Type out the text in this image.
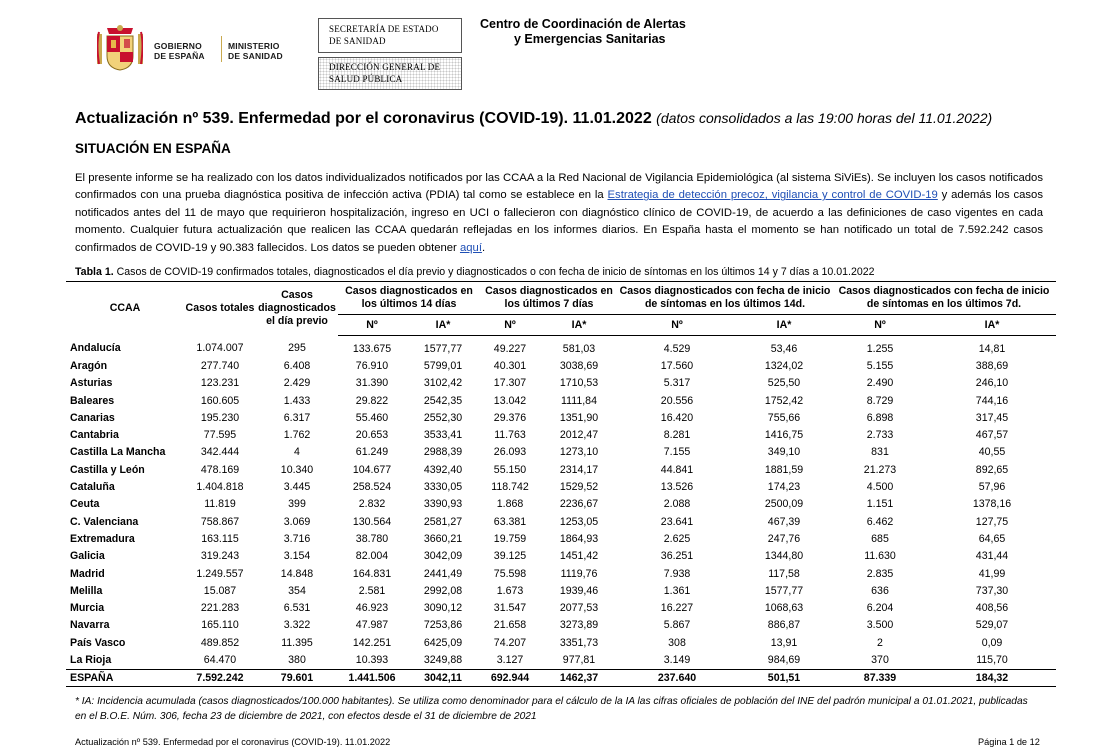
GOBIERNO
DE ESPAÑA
MINISTERIO
DE SANIDAD
SECRETARÍA DE ESTADO
DE SANIDAD
DIRECCIÓN GENERAL DE
SALUD PÚBLICA
Centro de Coordinación de Alertas
y Emergencias Sanitarias
Actualización nº 539. Enfermedad por el coronavirus (COVID-19). 11.01.2022 (datos consolidados a las 19:00 horas del 11.01.2022)
SITUACIÓN EN ESPAÑA
El presente informe se ha realizado con los datos individualizados notificados por las CCAA a la Red Nacional de Vigilancia Epidemiológica (al sistema SiViEs). Se incluyen los casos notificados confirmados con una prueba diagnóstica positiva de infección activa (PDIA) tal como se establece en la Estrategia de detección precoz, vigilancia y control de COVID-19 y además los casos notificados antes del 11 de mayo que requirieron hospitalización, ingreso en UCI o fallecieron con diagnóstico clínico de COVID-19, de acuerdo a las definiciones de caso vigentes en cada momento. Cualquier futura actualización que realicen las CCAA quedarán reflejadas en los informes diarios. En España hasta el momento se han notificado un total de 7.592.242 casos confirmados de COVID-19 y 90.383 fallecidos. Los datos se pueden obtener aquí.
Tabla 1. Casos de COVID-19 confirmados totales, diagnosticados el día previo y diagnosticados o con fecha de inicio de síntomas en los últimos 14 y 7 días a 10.01.2022
CCAA	Casos totales	Casos diagnosticados el día previo	Casos diagnosticados en los últimos 14 días		Casos diagnosticados en los últimos 7 días		Casos diagnosticados con fecha de inicio de síntomas en los últimos 14d.		Casos diagnosticados con fecha de inicio de síntomas en los últimos 7d.	
			Nº	IA*	Nº	IA*	Nº	IA*	Nº	IA*
Andalucía	1.074.007	295	133.675	1577,77	49.227	581,03	4.529	53,46	1.255	14,81
Aragón	277.740	6.408	76.910	5799,01	40.301	3038,69	17.560	1324,02	5.155	388,69
Asturias	123.231	2.429	31.390	3102,42	17.307	1710,53	5.317	525,50	2.490	246,10
Baleares	160.605	1.433	29.822	2542,35	13.042	1111,84	20.556	1752,42	8.729	744,16
Canarias	195.230	6.317	55.460	2552,30	29.376	1351,90	16.420	755,66	6.898	317,45
Cantabria	77.595	1.762	20.653	3533,41	11.763	2012,47	8.281	1416,75	2.733	467,57
Castilla La Mancha	342.444	4	61.249	2988,39	26.093	1273,10	7.155	349,10	831	40,55
Castilla y León	478.169	10.340	104.677	4392,40	55.150	2314,17	44.841	1881,59	21.273	892,65
Cataluña	1.404.818	3.445	258.524	3330,05	118.742	1529,52	13.526	174,23	4.500	57,96
Ceuta	11.819	399	2.832	3390,93	1.868	2236,67	2.088	2500,09	1.151	1378,16
C. Valenciana	758.867	3.069	130.564	2581,27	63.381	1253,05	23.641	467,39	6.462	127,75
Extremadura	163.115	3.716	38.780	3660,21	19.759	1864,93	2.625	247,76	685	64,65
Galicia	319.243	3.154	82.004	3042,09	39.125	1451,42	36.251	1344,80	11.630	431,44
Madrid	1.249.557	14.848	164.831	2441,49	75.598	1119,76	7.938	117,58	2.835	41,99
Melilla	15.087	354	2.581	2992,08	1.673	1939,46	1.361	1577,77	636	737,30
Murcia	221.283	6.531	46.923	3090,12	31.547	2077,53	16.227	1068,63	6.204	408,56
Navarra	165.110	3.322	47.987	7253,86	21.658	3273,89	5.867	886,87	3.500	529,07
País Vasco	489.852	11.395	142.251	6425,09	74.207	3351,73	308	13,91	2	0,09
La Rioja	64.470	380	10.393	3249,88	3.127	977,81	3.149	984,69	370	115,70
ESPAÑA	7.592.242	79.601	1.441.506	3042,11	692.944	1462,37	237.640	501,51	87.339	184,32
* IA: Incidencia acumulada (casos diagnosticados/100.000 habitantes). Se utiliza como denominador para el cálculo de la IA las cifras oficiales de población del INE del padrón municipal a 01.01.2021, publicadas en el B.O.E. Núm. 306, fecha 23 de diciembre de 2021, con efectos desde el 31 de diciembre de 2021
Actualización nº 539. Enfermedad por el coronavirus (COVID-19). 11.01.2022	Página 1 de 12
